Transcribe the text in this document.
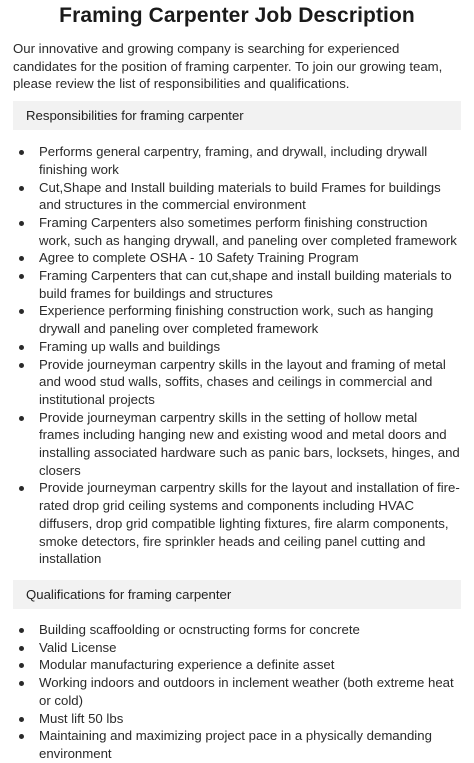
Framing Carpenter Job Description

Our innovative and growing company is searching for experienced candidates for the position of framing carpenter. To join our growing team, please review the list of responsibilities and qualifications.

Responsibilities for framing carpenter
Performs general carpentry, framing, and drywall, including drywall finishing work
Cut,Shape and Install building materials to build Frames for buildings and structures in the commercial environment
Framing Carpenters also sometimes perform finishing construction work, such as hanging drywall, and paneling over completed framework
Agree to complete OSHA - 10 Safety Training Program
Framing Carpenters that can cut,shape and install building materials to build frames for buildings and structures
Experience performing finishing construction work, such as hanging drywall and paneling over completed framework
Framing up walls and buildings
Provide journeyman carpentry skills in the layout and framing of metal and wood stud walls, soffits, chases and ceilings in commercial and institutional projects
Provide journeyman carpentry skills in the setting of hollow metal frames including hanging new and existing wood and metal doors and installing associated hardware such as panic bars, locksets, hinges, and closers
Provide journeyman carpentry skills for the layout and installation of fire-rated drop grid ceiling systems and components including HVAC diffusers, drop grid compatible lighting fixtures, fire alarm components, smoke detectors, fire sprinkler heads and ceiling panel cutting and installation
Qualifications for framing carpenter
Building scaffoolding or ocnstructing forms for concrete
Valid License
Modular manufacturing experience a definite asset
Working indoors and outdoors in inclement weather (both extreme heat or cold)
Must lift 50 lbs
Maintaining and maximizing project pace in a physically demanding environment
